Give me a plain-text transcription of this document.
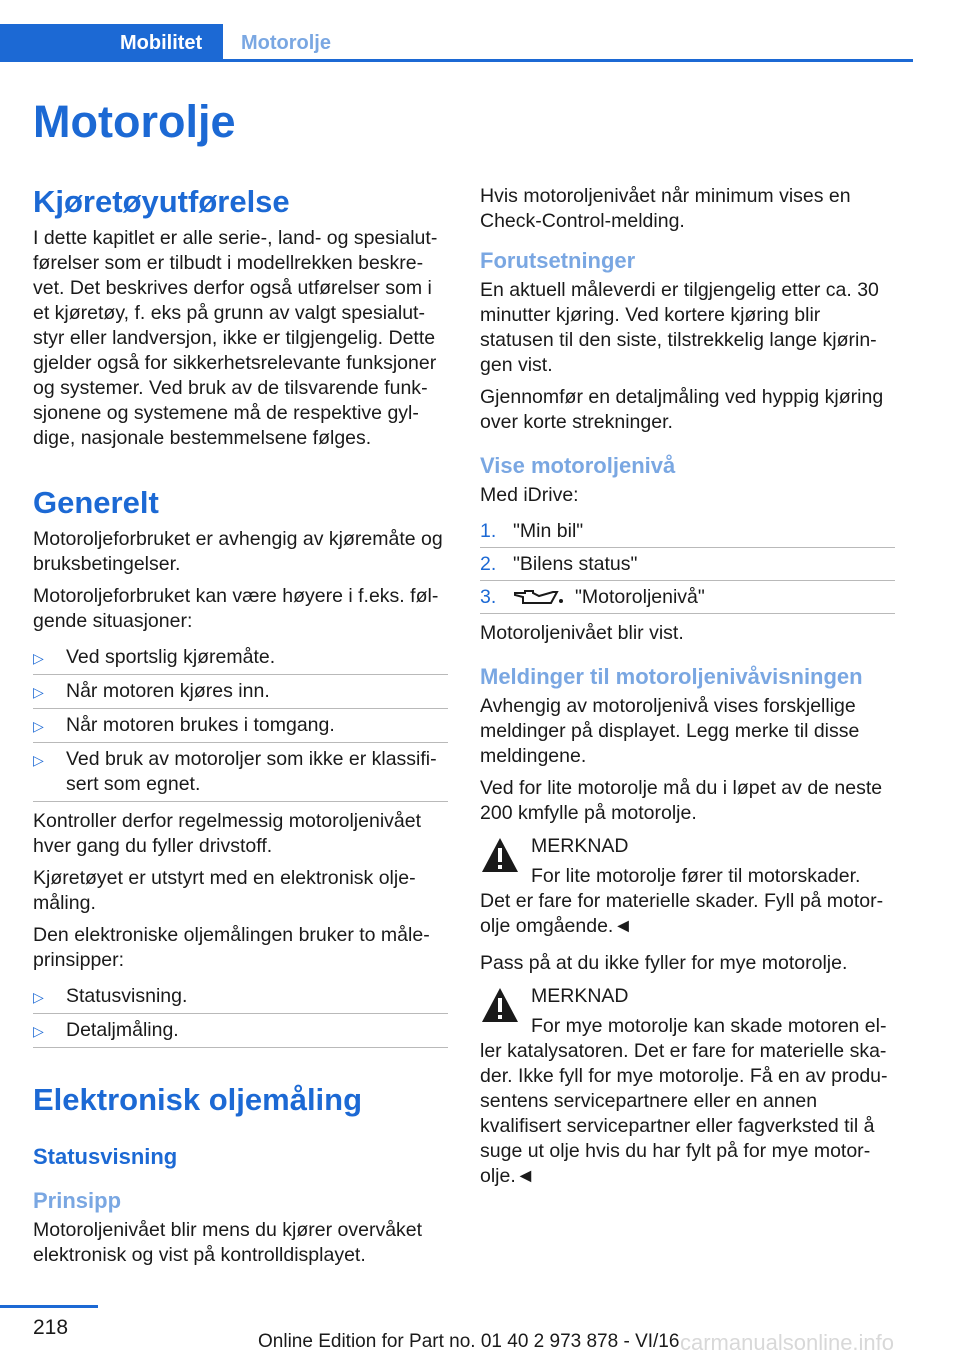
Mobilitet	Motorolje
Motorolje
Kjøretøyutførelse

I dette kapitlet er alle serie-, land- og spesialutførelser som er tilbudt i modellrekken beskrevet. Det beskrives derfor også utførelser som i et kjøretøy, f. eks på grunn av valgt spesialutstyr eller landversjon, ikke er tilgjengelig. Dette gjelder også for sikkerhetsrelevante funksjoner og systemer. Ved bruk av de tilsvarende funksjonene og systemene må de respektive gyldige, nasjonale bestemmelsene følges.

Generelt

Motoroljeforbruket er avhengig av kjøremåte og bruksbetingelser.

Motoroljeforbruket kan være høyere i f.eks. følgende situasjoner:

▷ Ved sportslig kjøremåte.
▷ Når motoren kjøres inn.
▷ Når motoren brukes i tomgang.
▷ Ved bruk av motoroljer som ikke er klassifisert som egnet.

Kontroller derfor regelmessig motoroljenivået hver gang du fyller drivstoff.

Kjøretøyet er utstyrt med en elektronisk oljemåling.

Den elektroniske oljemålingen bruker to måleprinsipper:

▷ Statusvisning.
▷ Detaljmåling.
Elektronisk oljemåling
Statusvisning
Prinsipp

Motoroljenivået blir mens du kjører overvåket elektronisk og vist på kontrolldisplayet.

Hvis motoroljenivået når minimum vises en Check-Control-melding.

Forutsetninger

En aktuell måleverdi er tilgjengelig etter ca. 30 minutter kjøring. Ved kortere kjøring blir statusen til den siste, tilstrekkelig lange kjøringen vist.

Gjennomfør en detaljmåling ved hyppig kjøring over korte strekninger.

Vise motoroljenivå

Med iDrive:

1. "Min bil"
2. "Bilens status"
3.	"Motoroljenivå"

Motoroljenivået blir vist.

Meldinger til motoroljenivåvisningen

Avhengig av motoroljenivå vises forskjellige meldinger på displayet. Legg merke til disse meldingene.

Ved for lite motorolje må du i løpet av de neste 200 kmfylle på motorolje.

MERKNAD

For lite motorolje fører til motorskader. Det er fare for materielle skader. Fyll på motorolje omgående.◄

Pass på at du ikke fyller for mye motorolje.

MERKNAD

For mye motorolje kan skade motoren eller katalysatoren. Det er fare for materielle skader. Ikke fyll for mye motorolje. Få en av produsentens servicepartnere eller en annen kvalifisert servicepartner eller fagverksted til å suge ut olje hvis du har fylt på for mye motorolje.◄

218
Online Edition for Part no. 01 40 2 973 878 - VI/16 carmanualsonline.info
